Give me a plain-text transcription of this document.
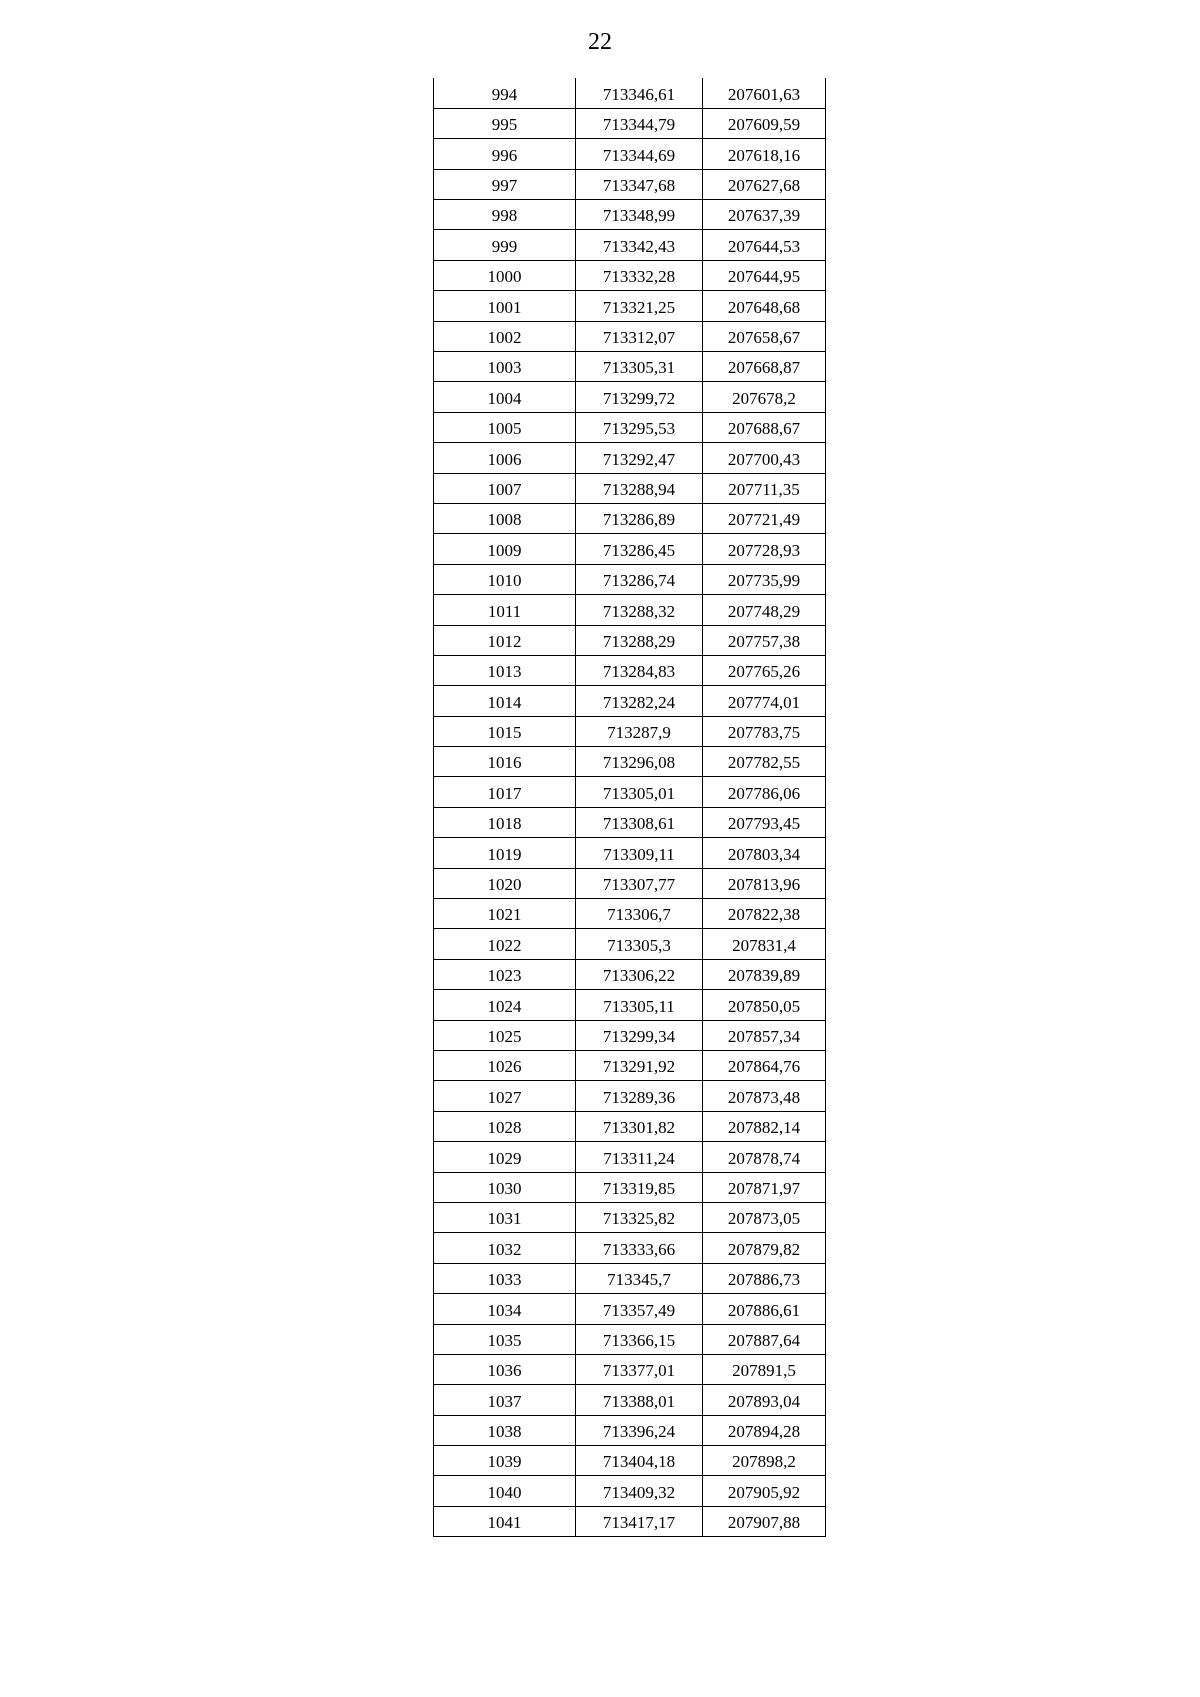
22
994	713346,61	207601,63
995	713344,79	207609,59
996	713344,69	207618,16
997	713347,68	207627,68
998	713348,99	207637,39
999	713342,43	207644,53
1000	713332,28	207644,95
1001	713321,25	207648,68
1002	713312,07	207658,67
1003	713305,31	207668,87
1004	713299,72	207678,2
1005	713295,53	207688,67
1006	713292,47	207700,43
1007	713288,94	207711,35
1008	713286,89	207721,49
1009	713286,45	207728,93
1010	713286,74	207735,99
1011	713288,32	207748,29
1012	713288,29	207757,38
1013	713284,83	207765,26
1014	713282,24	207774,01
1015	713287,9	207783,75
1016	713296,08	207782,55
1017	713305,01	207786,06
1018	713308,61	207793,45
1019	713309,11	207803,34
1020	713307,77	207813,96
1021	713306,7	207822,38
1022	713305,3	207831,4
1023	713306,22	207839,89
1024	713305,11	207850,05
1025	713299,34	207857,34
1026	713291,92	207864,76
1027	713289,36	207873,48
1028	713301,82	207882,14
1029	713311,24	207878,74
1030	713319,85	207871,97
1031	713325,82	207873,05
1032	713333,66	207879,82
1033	713345,7	207886,73
1034	713357,49	207886,61
1035	713366,15	207887,64
1036	713377,01	207891,5
1037	713388,01	207893,04
1038	713396,24	207894,28
1039	713404,18	207898,2
1040	713409,32	207905,92
1041	713417,17	207907,88
